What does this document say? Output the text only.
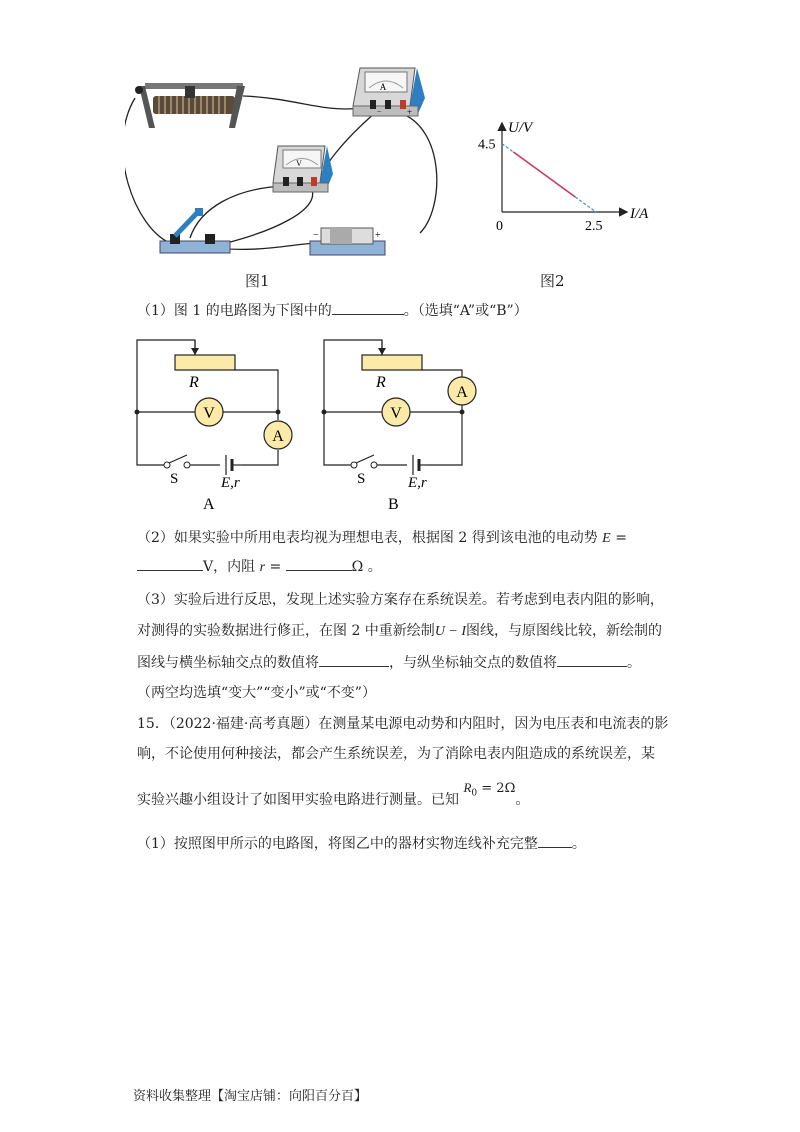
A
−	+
V
−	+
图1
U/V
I/A
0
4.5
2.5
图2
（1）图 1 的电路图为下图中的	。（选填“A”或“B”）
R
V
A
S	E,r
A
R
V
A
S	E,r
B
（2）如果实验中所用电表均视为理想电表，根据图 2 得到该电池的电动势 E =
V，内阻 r =	Ω 。
（3）实验后进行反思，发现上述实验方案存在系统误差。若考虑到电表内阻的影响，
对测得的实验数据进行修正，在图 2 中重新绘制U − I图线，与原图线比较，新绘制的
图线与横坐标轴交点的数值将	，与纵坐标轴交点的数值将	。
（两空均选填“变大”“变小”或“不变”）
15．（2022·福建·高考真题）在测量某电源电动势和内阻时，因为电压表和电流表的影
响，不论使用何种接法，都会产生系统误差，为了消除电表内阻造成的系统误差，某
实验兴趣小组设计了如图甲实验电路进行测量。已知 $R_0 = 2\Omega$。
（1）按照图甲所示的电路图，将图乙中的器材实物连线补充完整 。
资料收集整理【淘宝店铺：向阳百分百】
